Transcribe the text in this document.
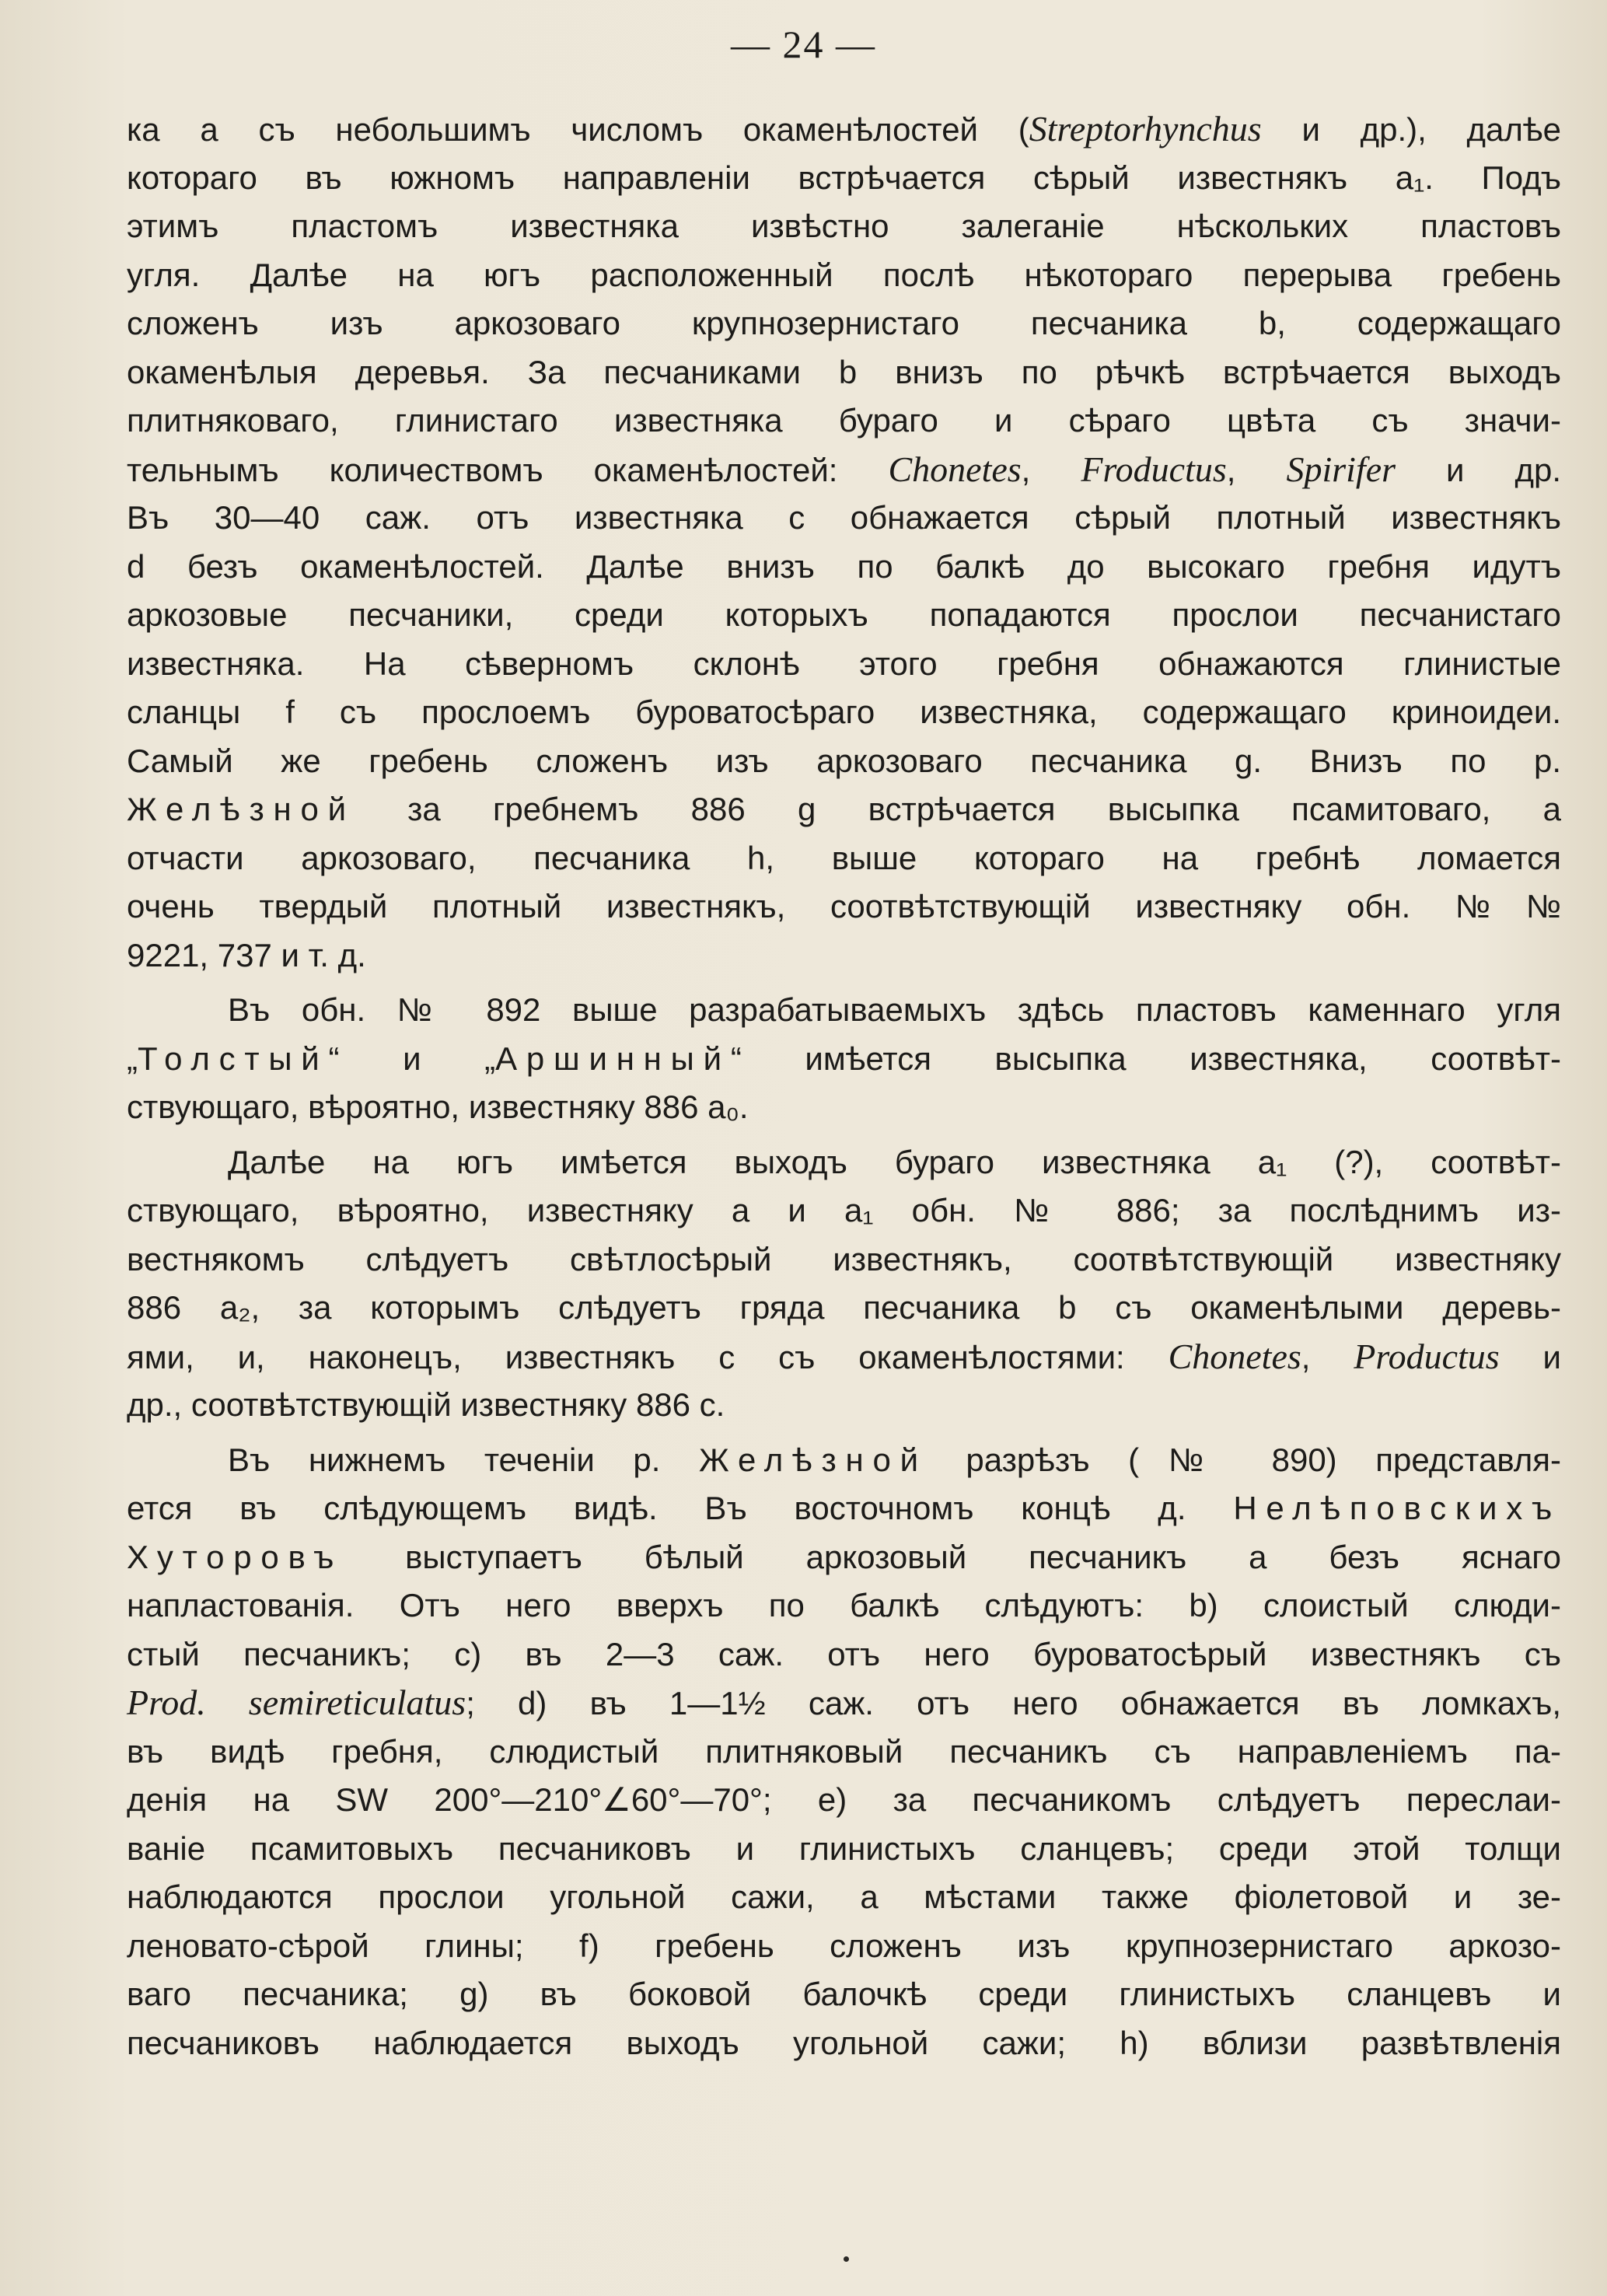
— 24 —
ка а съ небольшимъ числомъ окаменѣлостей (Streptorhynchus и др.), далѣе
котораго въ южномъ направленіи встрѣчается сѣрый известнякъ a₁. Подъ
этимъ пластомъ известняка извѣстно залеганіе нѣскольких пластовъ
угля. Далѣе на югъ расположенный послѣ нѣкотораго перерыва гребень
сложенъ изъ аркозоваго крупнозернистаго песчаника b, содержащаго
окаменѣлыя деревья. За песчаниками b внизъ по рѣчкѣ встрѣчается выходъ
плитняковаго, глинистаго известняка бураго и сѣраго цвѣта съ значи-
тельнымъ количествомъ окаменѣлостей: Chonetes, Froductus, Spirifer и др.
Въ 30—40 саж. отъ известняка с обнажается сѣрый плотный известнякъ
d безъ окаменѣлостей. Далѣе внизъ по балкѣ до высокаго гребня идутъ
аркозовые песчаники, среди которыхъ попадаются прослои песчанистаго
известняка. На сѣверномъ склонѣ этого гребня обнажаются глинистые
сланцы f съ прослоемъ буроватосѣраго известняка, содержащаго криноидеи.
Самый же гребень сложенъ изъ аркозоваго песчаника g. Внизъ по р.
Желѣзной за гребнемъ 886 g встрѣчается высыпка псамитоваго, а
отчасти аркозоваго, песчаника h, выше котораго на гребнѣ ломается
очень твердый плотный известнякъ, соотвѣтствующій известняку обн. №№
9221, 737 и т. д.
Въ обн. № 892 выше разрабатываемыхъ здѣсь пластовъ каменнаго угля
„Толстый“ и „Аршинный“ имѣется высыпка известняка, соотвѣт-
ствующаго, вѣроятно, известняку 886 a₀.
Далѣе на югъ имѣется выходъ бураго известняка a₁ (?), соотвѣт-
ствующаго, вѣроятно, известняку а и a₁ обн. № 886; за послѣднимъ из-
вестнякомъ слѣдуетъ свѣтлосѣрый известнякъ, соотвѣтствующій известняку
886 a₂, за которымъ слѣдуетъ гряда песчаника b съ окаменѣлыми деревь-
ями, и, наконецъ, известнякъ с съ окаменѣлостями: Chonetes, Productus и
др., соотвѣтствующій известняку 886 с.
Въ нижнемъ теченіи р. Желѣзной разрѣзъ (№ 890) представля-
ется въ слѣдующемъ видѣ. Въ восточномъ концѣ д. Нелѣповскихъ
Хуторовъ выступаетъ бѣлый аркозовый песчаникъ а безъ яснаго
напластованія. Отъ него вверхъ по балкѣ слѣдуютъ: b) слоистый слюди-
стый песчаникъ; с) въ 2—3 саж. отъ него буроватосѣрый известнякъ съ
Prod. semireticulatus; d) въ 1—1½ саж. отъ него обнажается въ ломкахъ,
въ видѣ гребня, слюдистый плитняковый песчаникъ съ направленіемъ па-
денія на SW 200°—210°∠60°—70°; е) за песчаникомъ слѣдуетъ переслаи-
ваніе псамитовыхъ песчаниковъ и глинистыхъ сланцевъ; среди этой толщи
наблюдаются прослои угольной сажи, а мѣстами также фіолетовой и зе-
леновато-сѣрой глины; f) гребень сложенъ изъ крупнозернистаго аркозо-
ваго песчаника; g) въ боковой балочкѣ среди глинистыхъ сланцевъ и
песчаниковъ наблюдается выходъ угольной сажи; h) вблизи развѣтвленія
